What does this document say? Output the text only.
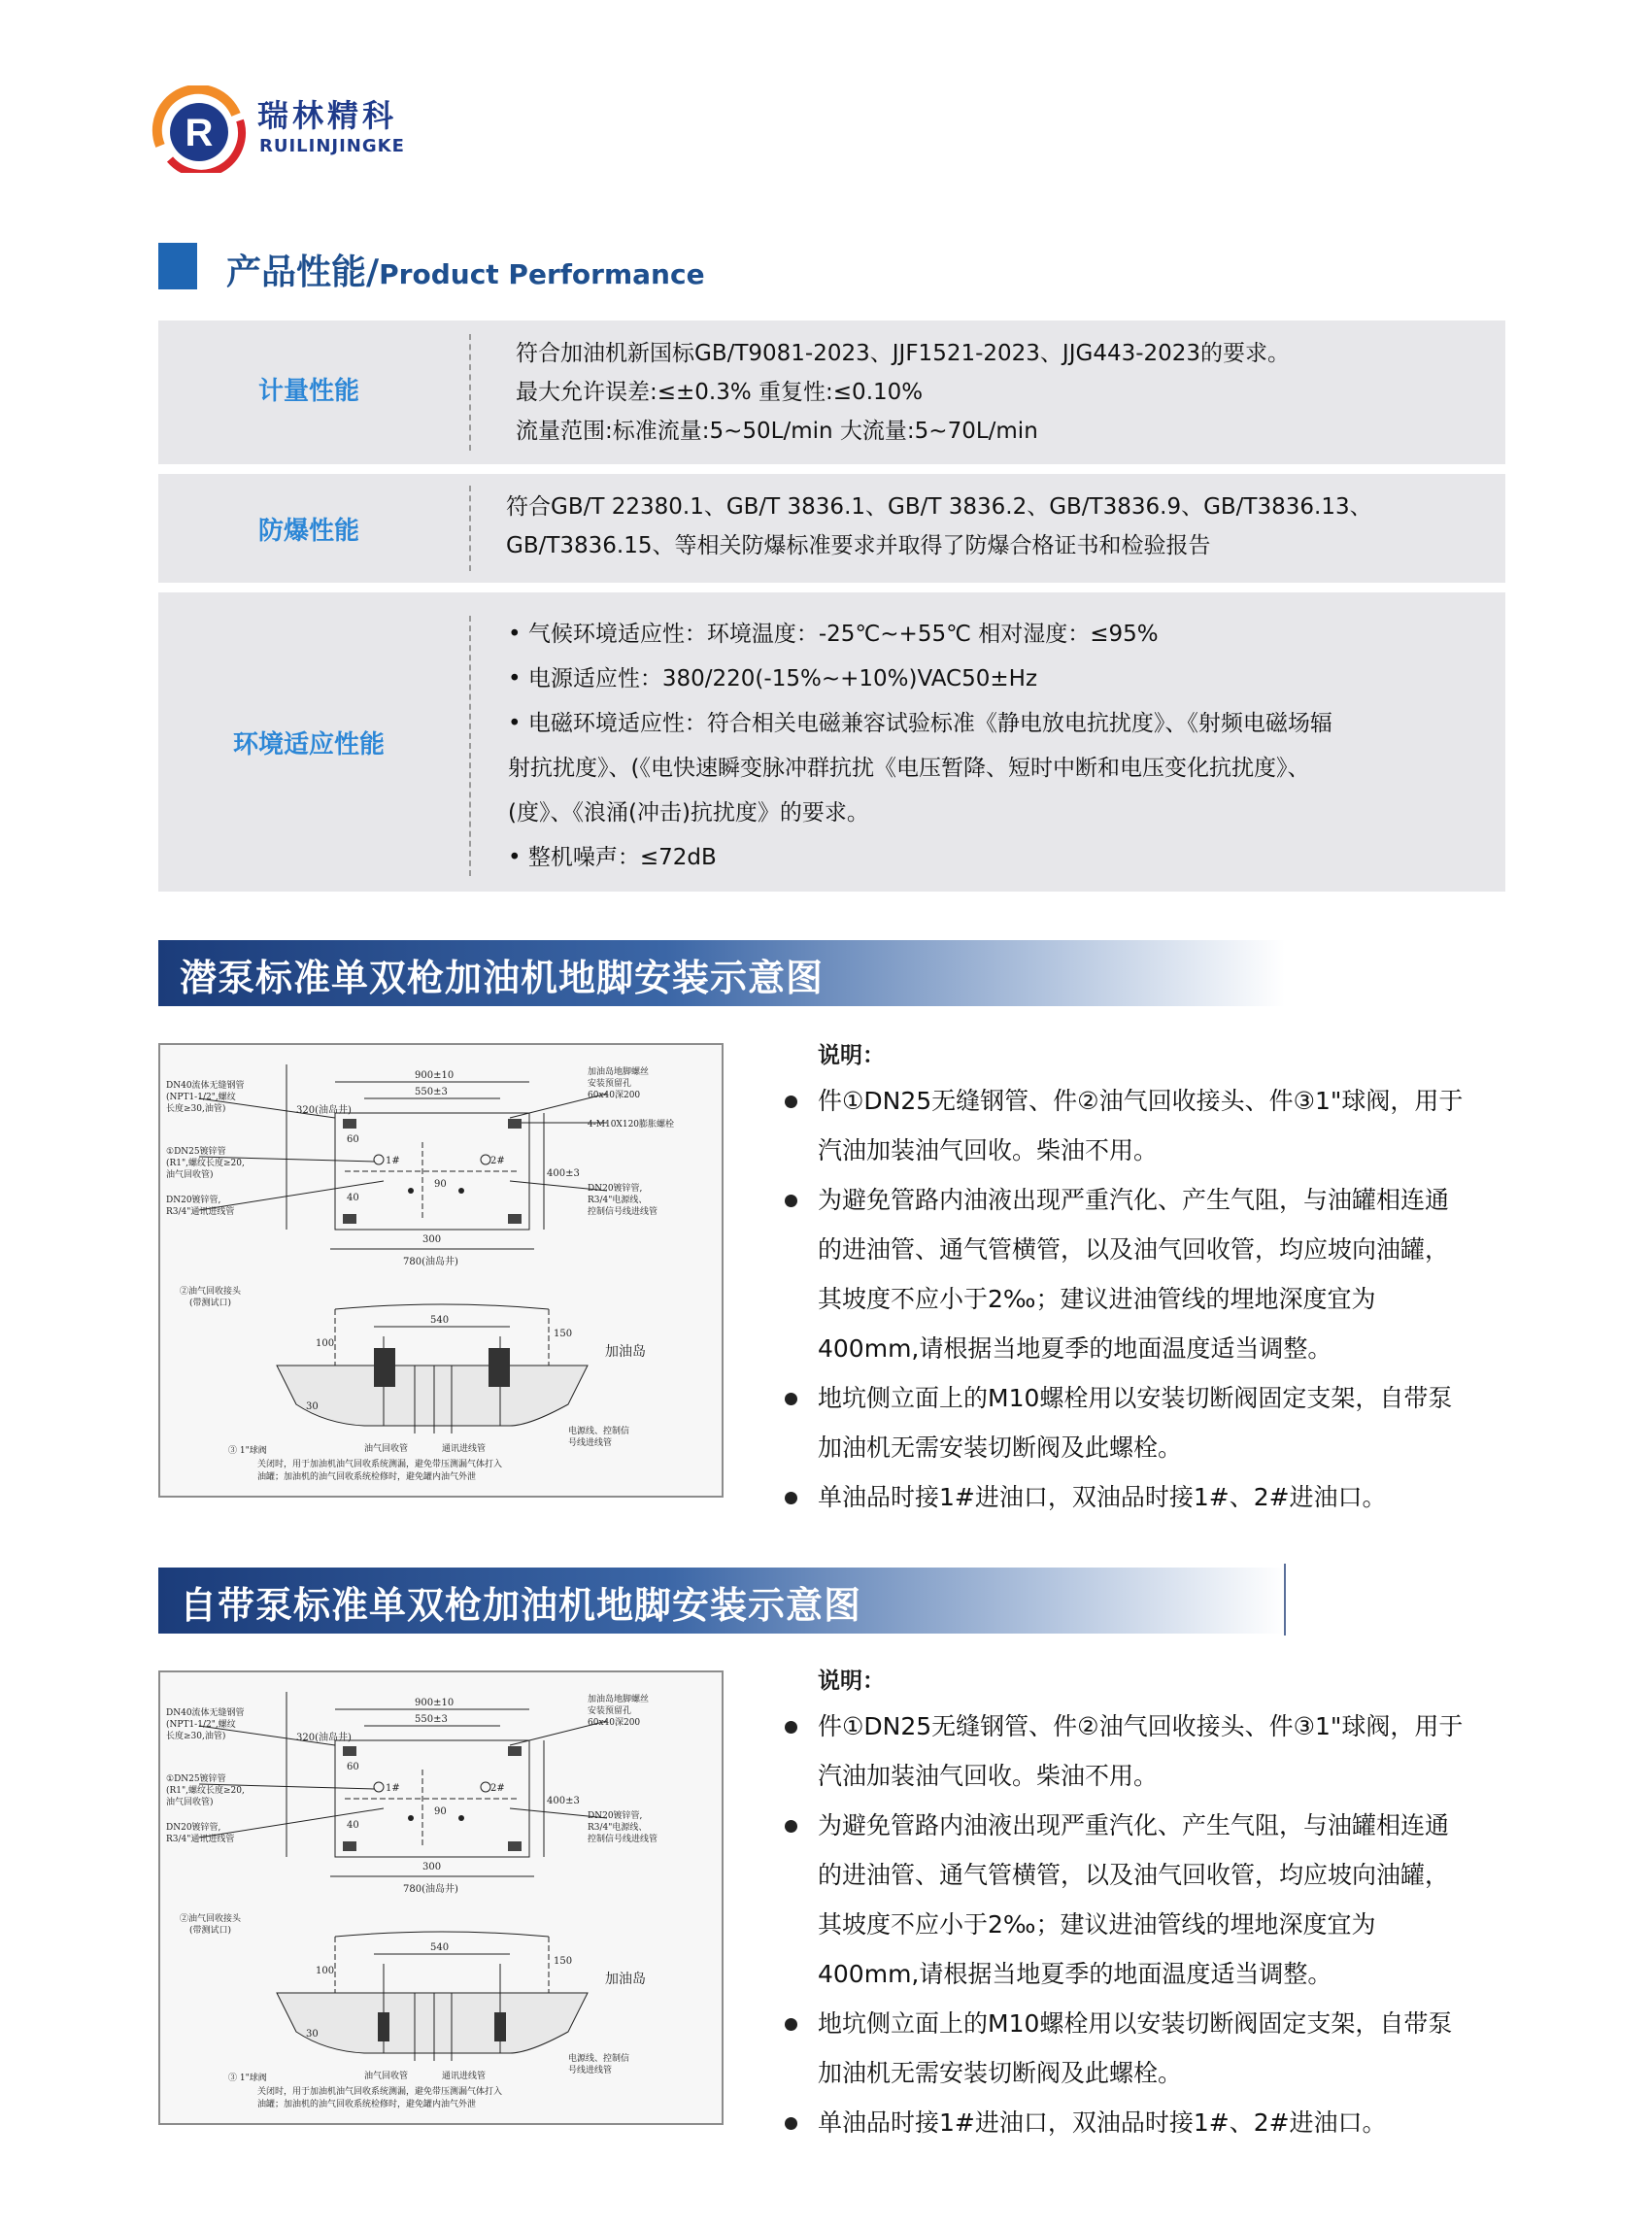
R 瑞林精科
RUILINJINGKE
产品性能/Product Performance
计量性能
符合加油机新国标GB/T9081-2023、JJF1521-2023、JJG443-2023的要求。
最大允许误差:≤±0.3% 重复性:≤0.10%
流量范围:标准流量:5~50L/min 大流量:5~70L/min
防爆性能
符合GB/T 22380.1、GB/T 3836.1、GB/T 3836.2、GB/T3836.9、GB/T3836.13、
GB/T3836.15、等相关防爆标准要求并取得了防爆合格证书和检验报告
环境适应性能
• 气候环境适应性：环境温度：-25℃~+55℃ 相对湿度：≤95%
• 电源适应性：380/220(-15%~+10%)VAC50±Hz
• 电磁环境适应性：符合相关电磁兼容试验标准《静电放电抗扰度》、《射频电磁场辐
射抗扰度》、(《电快速瞬变脉冲群抗扰《电压暂降、短时中断和电压变化抗扰度》、
(度》、《浪涌(冲击)抗扰度》的要求。
• 整机噪声：≤72dB
潜泵标准单双枪加油机地脚安装示意图
900±10
550±3
300
780(油岛井)
400±3
320(油岛井)
90
40
60
1#	2#
DN40流体无缝钢管
(NPT1-1/2",螺纹
长度≥30,油管)
①DN25镀锌管
(R1",螺纹长度≥20,
油气回收管)
DN20镀锌管,
R3/4"通讯进线管
加油岛地脚螺丝
安装预留孔
60x40深200
4-M10X120膨胀螺栓
DN20镀锌管,
R3/4"电源线、
控制信号线进线管
②油气回收接头
(带测试口)
③ 1"球阀
关闭时，用于加油机油气回收系统测漏，避免带压测漏气体打入
油罐；加油机的油气回收系统检修时，避免罐内油气外泄
油气回收管	通讯进线管
电源线、控制信
号线进线管
540
150
100
30
加油岛
说明：
件①DN25无缝钢管、件②油气回收接头、件③1"球阀，用于
汽油加装油气回收。柴油不用。
为避免管路内油液出现严重汽化、产生气阻，与油罐相连通
的进油管、通气管横管，以及油气回收管，均应坡向油罐，
其坡度不应小于2‰；建议进油管线的埋地深度宜为
400mm,请根据当地夏季的地面温度适当调整。
地坑侧立面上的M10螺栓用以安装切断阀固定支架，自带泵
加油机无需安装切断阀及此螺栓。
单油品时接1#进油口，双油品时接1#、2#进油口。
自带泵标准单双枪加油机地脚安装示意图
900±10
550±3
300
780(油岛井)
400±3
320(油岛井)
90
40
60
1#	2#
DN40流体无缝钢管
(NPT1-1/2",螺纹
长度≥30,油管)
①DN25镀锌管
(R1",螺纹长度≥20,
油气回收管)
DN20镀锌管,
R3/4"通讯进线管
加油岛地脚螺丝
安装预留孔
60x40深200
DN20镀锌管,
R3/4"电源线、
控制信号线进线管
②油气回收接头
(带测试口)
③ 1"球阀
关闭时，用于加油机油气回收系统测漏，避免带压测漏气体打入
油罐；加油机的油气回收系统检修时，避免罐内油气外泄
油气回收管	通讯进线管
电源线、控制信
号线进线管
540
150
100
30
加油岛
说明：
件①DN25无缝钢管、件②油气回收接头、件③1"球阀，用于
汽油加装油气回收。柴油不用。
为避免管路内油液出现严重汽化、产生气阻，与油罐相连通
的进油管、通气管横管，以及油气回收管，均应坡向油罐，
其坡度不应小于2‰；建议进油管线的埋地深度宜为
400mm,请根据当地夏季的地面温度适当调整。
地坑侧立面上的M10螺栓用以安装切断阀固定支架，自带泵
加油机无需安装切断阀及此螺栓。
单油品时接1#进油口，双油品时接1#、2#进油口。
